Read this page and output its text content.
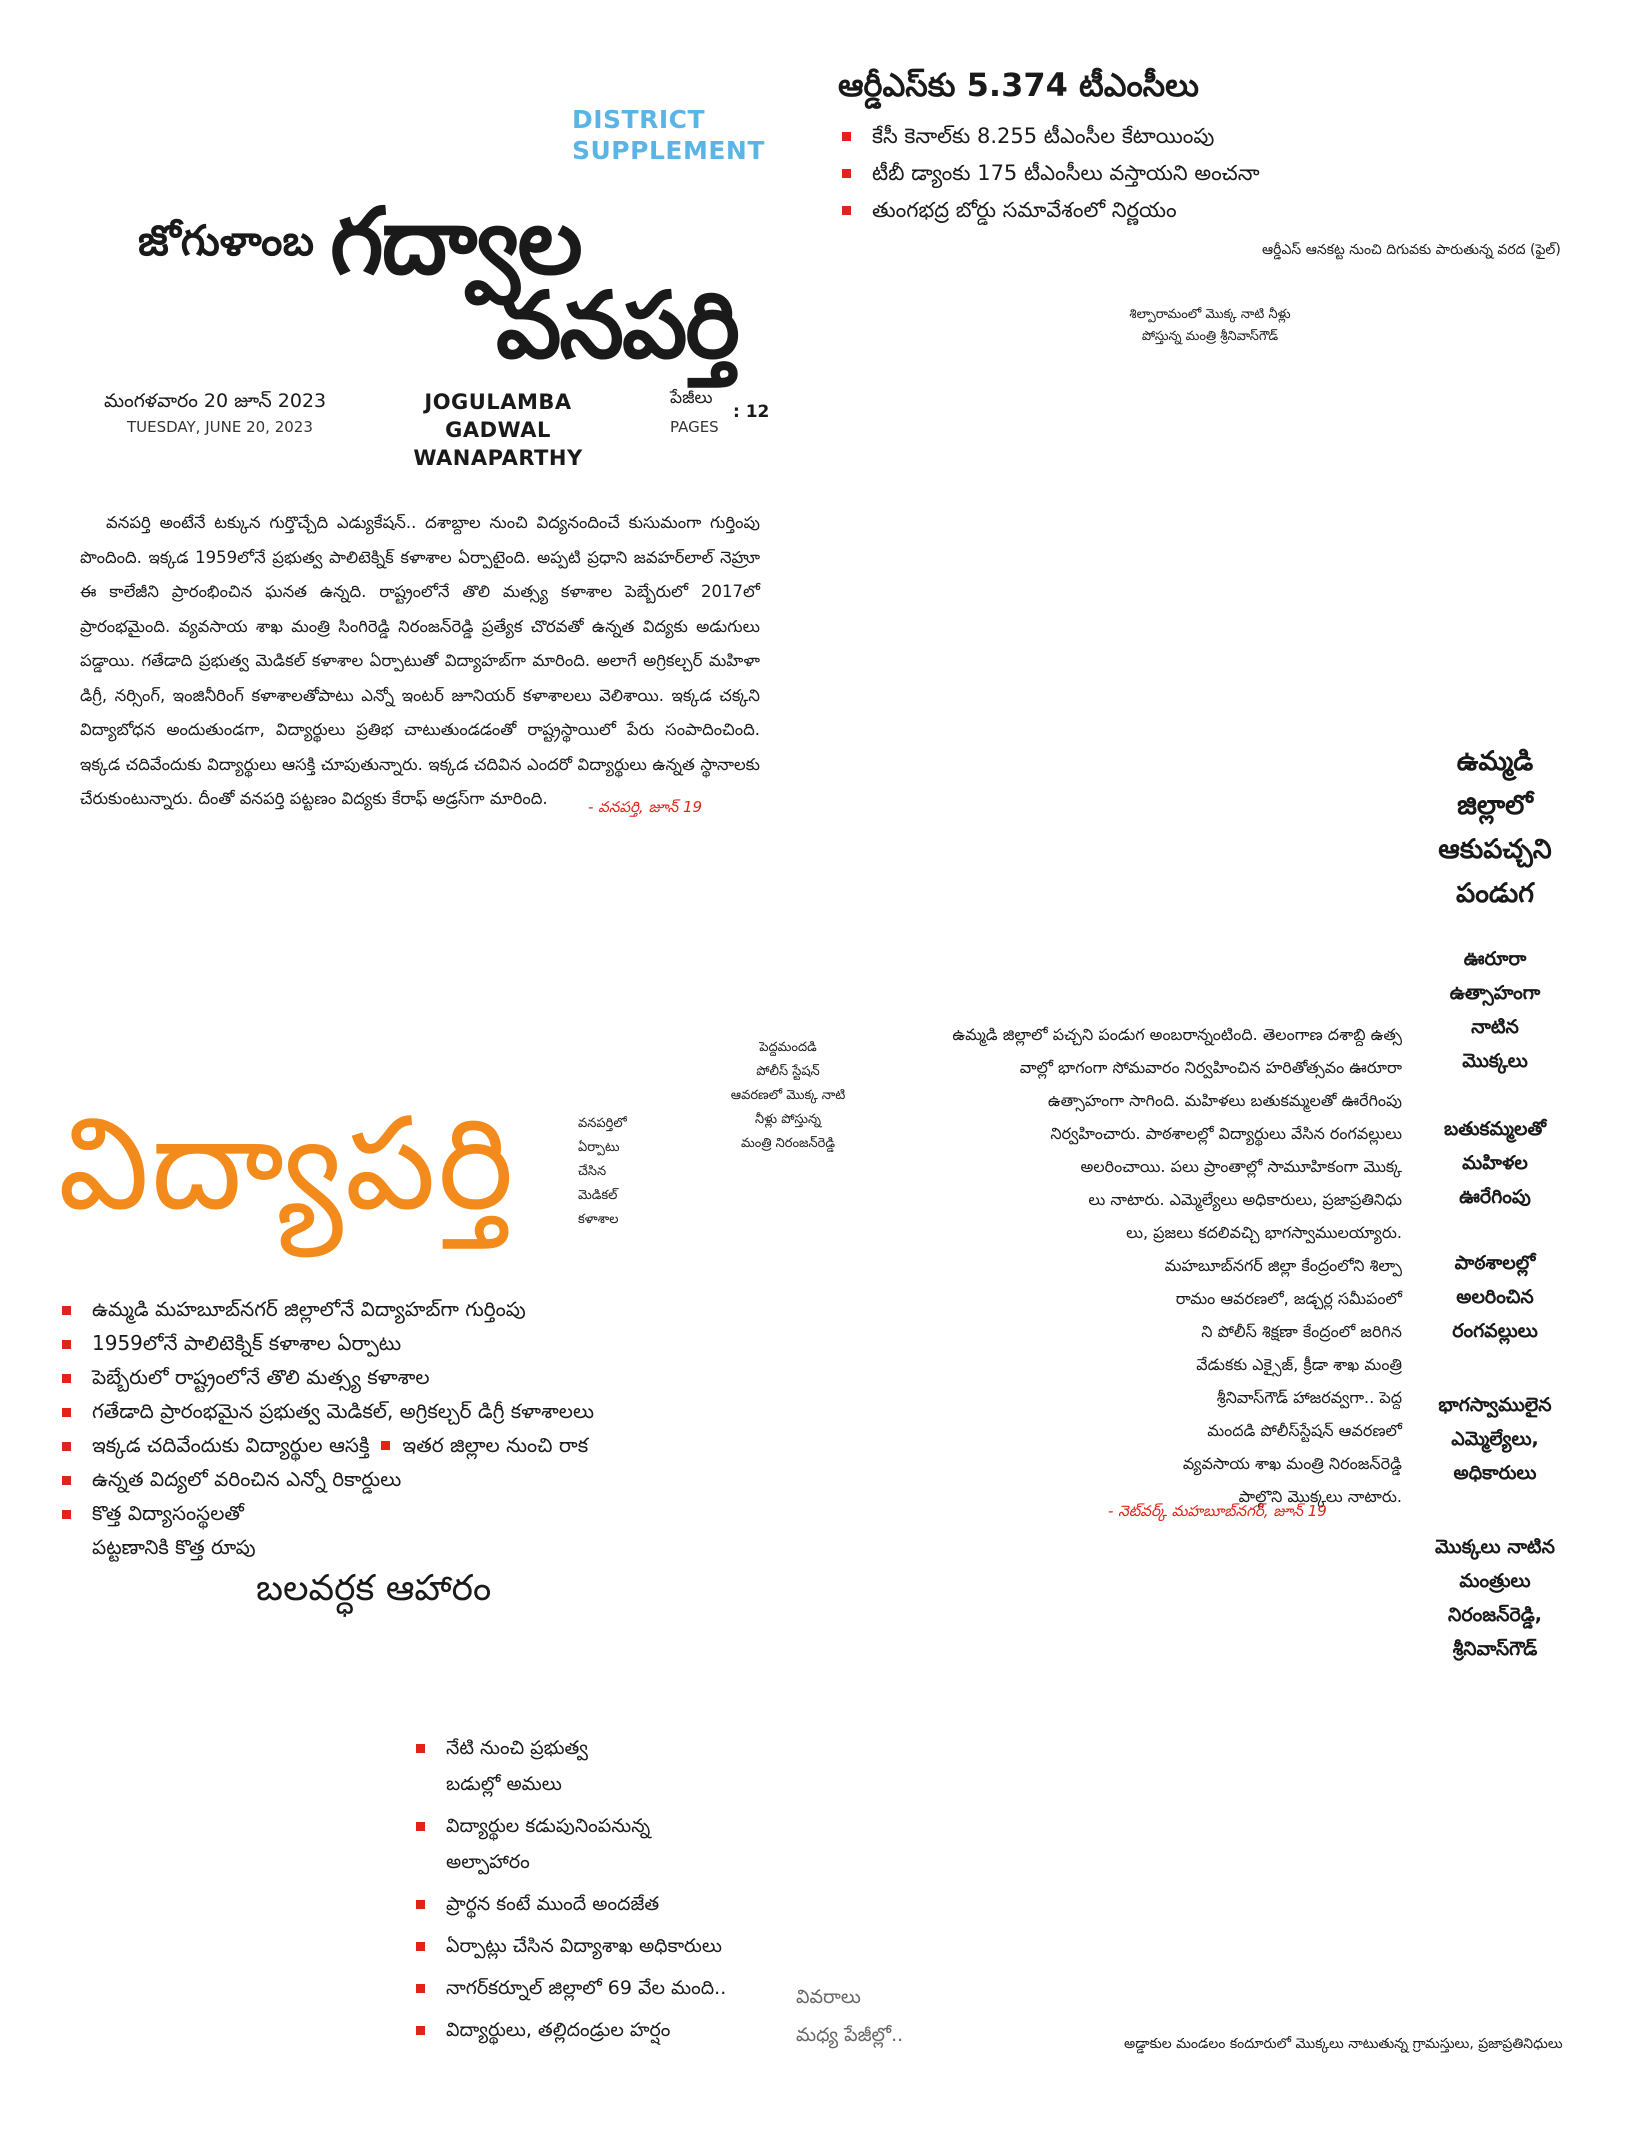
DISTRICT
SUPPLEMENT
జోగుళాంబ గద్వాల
వనపర్తి
మంగళవారం 20 జూన్ 2023
TUESDAY, JUNE 20, 2023
JOGULAMBA GADWAL
WANAPARTHY
పేజీలు
PAGES
: 12
ఆర్డీఎస్‌కు 5.374 టీఎంసీలు
కేసీ కెనాల్‌కు 8.255 టీఎంసీల కేటాయింపు
టీబీ డ్యాంకు 175 టీఎంసీలు వస్తాయని అంచనా
తుంగభద్ర బోర్డు సమావేశంలో నిర్ణయం
ఆర్డీఎస్ ఆనకట్ట నుంచి దిగువకు పారుతున్న వరద (ఫైల్)
శిల్పారామంలో మొక్క నాటి నీళ్లు
పోస్తున్న మంత్రి శ్రీనివాస్‌గౌడ్
వనపర్తి అంటేనే టక్కున గుర్తొచ్చేది ఎడ్యుకేషన్.. దశాబ్దాల నుంచి విద్యనందించే కుసుమంగా గుర్తింపు పొందింది. ఇక్కడ 1959లోనే ప్రభుత్వ పాలిటెక్నిక్ కళాశాల ఏర్పాటైంది. అప్పటి ప్రధాని జవహర్‌లాల్ నెహ్రూ ఈ కాలేజీని ప్రారంభించిన ఘనత ఉన్నది. రాష్ట్రంలోనే తొలి మత్స్య కళాశాల పెబ్బేరులో 2017లో ప్రారంభమైంది. వ్యవసాయ శాఖ మంత్రి సింగిరెడ్డి నిరంజన్‌రెడ్డి ప్రత్యేక చొరవతో ఉన్నత విద్యకు అడుగులు పడ్డాయి. గతేడాది ప్రభుత్వ మెడికల్ కళాశాల ఏర్పాటుతో విద్యాహబ్‌గా మారింది. అలాగే అగ్రికల్చర్ మహిళా డిగ్రీ, నర్సింగ్, ఇంజినీరింగ్ కళాశాలతోపాటు ఎన్నో ఇంటర్ జూనియర్ కళాశాలలు వెలిశాయి. ఇక్కడ చక్కని విద్యాబోధన అందుతుండగా, విద్యార్థులు ప్రతిభ చాటుతుండడంతో రాష్ట్రస్థాయిలో పేరు సంపాదించింది. ఇక్కడ చదివేందుకు విద్యార్థులు ఆసక్తి చూపుతున్నారు. ఇక్కడ చదివిన ఎందరో విద్యార్థులు ఉన్నత స్థానాలకు చేరుకుంటున్నారు. దీంతో వనపర్తి పట్టణం విద్యకు కేరాఫ్ అడ్రస్‌గా మారింది.	- వనపర్తి, జూన్ 19
ఉమ్మడి
జిల్లాలో
ఆకుపచ్చని
పండుగ
ఊరూరా
ఉత్సాహంగా
నాటిన
మొక్కలు
బతుకమ్మలతో
మహిళల
ఊరేగింపు
పాఠశాలల్లో
అలరించిన
రంగవల్లులు
భాగస్వాములైన
ఎమ్మెల్యేలు,
అధికారులు
మొక్కలు నాటిన
మంత్రులు
నిరంజన్‌రెడ్డి,
శ్రీనివాస్‌గౌడ్
విద్యాపర్తి	వనపర్తిలో
ఏర్పాటు
చేసిన
మెడికల్
కళాశాల
పెద్దమందడి
పోలీస్ స్టేషన్
ఆవరణలో మొక్క నాటి
నీళ్లు పోస్తున్న
మంత్రి నిరంజన్‌రెడ్డి
ఉమ్మడి మహబూబ్‌నగర్ జిల్లాలోనే విద్యాహబ్‌గా గుర్తింపు
1959లోనే పాలిటెక్నిక్ కళాశాల ఏర్పాటు
పెబ్బేరులో రాష్ట్రంలోనే తొలి మత్స్య కళాశాల
గతేడాది ప్రారంభమైన ప్రభుత్వ మెడికల్, అగ్రికల్చర్ డిగ్రీ కళాశాలలు
ఇక్కడ చదివేందుకు విద్యార్థుల ఆసక్తి ఇతర జిల్లాల నుంచి రాక
ఉన్నత విద్యలో వరించిన ఎన్నో రికార్డులు
కొత్త విద్యాసంస్థలతో పట్టణానికి కొత్త రూపు

ఉమ్మడి జిల్లాలో పచ్చని పండుగ అంబరాన్నంటింది. తెలంగాణ దశాబ్ది ఉత్స

వాల్లో భాగంగా సోమవారం నిర్వహించిన హరితోత్సవం ఊరూరా

ఉత్సాహంగా సాగింది. మహిళలు బతుకమ్మలతో ఊరేగింపు

నిర్వహించారు. పాఠశాలల్లో విద్యార్థులు వేసిన రంగవల్లులు

అలరించాయి. పలు ప్రాంతాల్లో సామూహికంగా మొక్క

లు నాటారు. ఎమ్మెల్యేలు అధికారులు, ప్రజాప్రతినిధు

లు, ప్రజలు కదలివచ్చి భాగస్వాములయ్యారు.

మహబూబ్‌నగర్ జిల్లా కేంద్రంలోని శిల్పా

రామం ఆవరణలో, జడ్చర్ల సమీపంలో

ని పోలీస్ శిక్షణా కేంద్రంలో జరిగిన

వేడుకకు ఎక్సైజ్, క్రీడా శాఖ మంత్రి

శ్రీనివాస్‌గౌడ్ హాజరవ్వగా.. పెద్ద

మందడి పోలీస్‌స్టేషన్ ఆవరణలో

వ్యవసాయ శాఖ మంత్రి నిరంజన్‌రెడ్డి

పాల్గొని మొక్కలు నాటారు.

- నెట్‌వర్క్ మహబూబ్‌నగర్, జూన్ 19
బలవర్ధక ఆహారం
నేటి నుంచి ప్రభుత్వ బడుల్లో అమలు
విద్యార్థుల కడుపునింపనున్న అల్పాహారం
ప్రార్థన కంటే ముందే అందజేత
ఏర్పాట్లు చేసిన విద్యాశాఖ అధికారులు
నాగర్‌కర్నూల్ జిల్లాలో 69 వేల మంది..
విద్యార్థులు, తల్లిదండ్రుల హర్షం
వివరాలు
మధ్య పేజీల్లో..	అడ్డాకుల మండలం కందూరులో మొక్కలు నాటుతున్న గ్రామస్తులు, ప్రజాప్రతినిధులు
